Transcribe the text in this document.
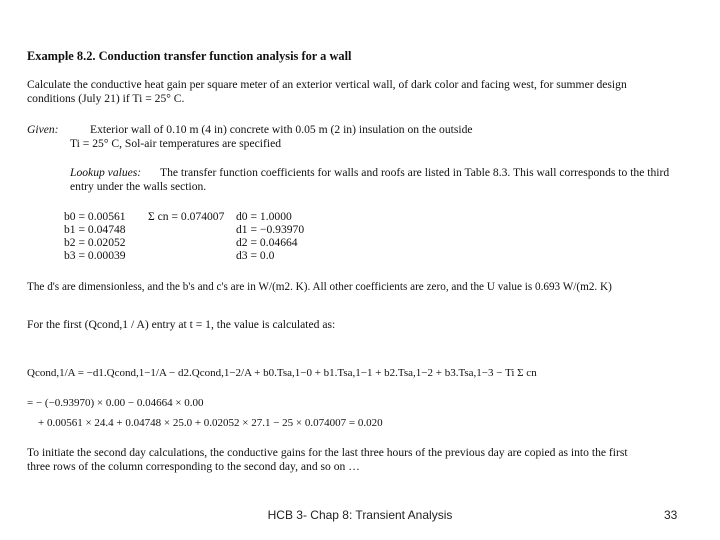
Example 8.2. Conduction transfer function analysis for a wall
Calculate the conductive heat gain per square meter of an exterior vertical wall, of dark color and facing west, for summer design
conditions (July 21) if Ti = 25° C.
Given:	Exterior wall of 0.10 m (4 in) concrete with 0.05 m (2 in) insulation on the outside
Ti = 25° C, Sol-air temperatures are specified
Lookup values: The transfer function coefficients for walls and roofs are listed in Table 8.3. This wall corresponds to the third
entry under the walls section.
b0 = 0.00561 Σ cn = 0.074007 d0 = 1.0000
b1 = 0.04748	d1 = −0.93970
b2 = 0.02052	d2 = 0.04664
b3 = 0.00039	d3 = 0.0
The d's are dimensionless, and the b's and c's are in W/(m2. K). All other coefficients are zero, and the U value is 0.693 W/(m2. K)
For the first (Qcond,1 / A) entry at t = 1, the value is calculated as:
Qcond,1/A = −d1.Qcond,1−1/A − d2.Qcond,1−2/A + b0.Tsa,1−0 + b1.Tsa,1−1 + b2.Tsa,1−2 + b3.Tsa,1−3 − Ti Σ cn
= − (−0.93970) × 0.00 − 0.04664 × 0.00
+ 0.00561 × 24.4 + 0.04748 × 25.0 + 0.02052 × 27.1 − 25 × 0.074007 = 0.020
To initiate the second day calculations, the conductive gains for the last three hours of the previous day are copied as into the first
three rows of the column corresponding to the second day, and so on …
HCB 3- Chap 8: Transient Analysis	33
